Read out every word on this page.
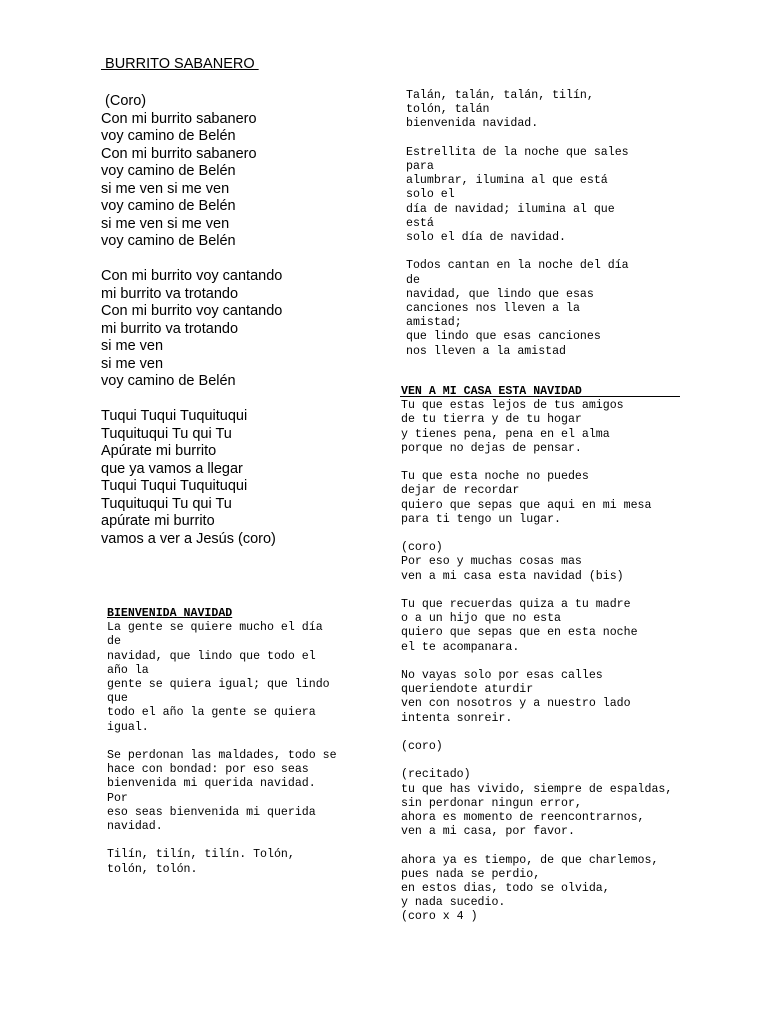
BURRITO SABANERO
(Coro)
Con mi burrito sabanero
voy camino de Belén
Con mi burrito sabanero
voy camino de Belén
si me ven si me ven
voy camino de Belén
si me ven si me ven
voy camino de Belén
Con mi burrito voy cantando
mi burrito va trotando
Con mi burrito voy cantando
mi burrito va trotando
si me ven
si me ven
voy camino de Belén
Tuqui Tuqui Tuquituqui
Tuquituqui Tu qui Tu
Apúrate mi burrito
que ya vamos a llegar
Tuqui Tuqui Tuquituqui
Tuquituqui Tu qui Tu
apúrate mi burrito
vamos a ver a Jesús (coro)
BIENVENIDA NAVIDAD
La gente se quiere mucho el día
de
navidad, que lindo que todo el
año la
gente se quiera igual; que lindo
que
todo el año la gente se quiera
igual.
Se perdonan las maldades, todo se
hace con bondad: por eso seas
bienvenida mi querida navidad.
Por
eso seas bienvenida mi querida
navidad.
Tilín, tilín, tilín. Tolón,
tolón, tolón.
Talán, talán, talán, tilín,
tolón, talán
bienvenida navidad.
Estrellita de la noche que sales
para
alumbrar, ilumina al que está
solo el
día de navidad; ilumina al que
está
solo el día de navidad.
Todos cantan en la noche del día
de
navidad, que lindo que esas
canciones nos lleven a la
amistad;
que lindo que esas canciones
nos lleven a la amistad
VEN A MI CASA ESTA NAVIDAD
Tu que estas lejos de tus amigos
de tu tierra y de tu hogar
y tienes pena, pena en el alma
porque no dejas de pensar.
Tu que esta noche no puedes
dejar de recordar
quiero que sepas que aqui en mi mesa
para ti tengo un lugar.
(coro)
Por eso y muchas cosas mas
ven a mi casa esta navidad (bis)
Tu que recuerdas quiza a tu madre
o a un hijo que no esta
quiero que sepas que en esta noche
el te acompanara.
No vayas solo por esas calles
queriendote aturdir
ven con nosotros y a nuestro lado
intenta sonreir.
(coro)
(recitado)
tu que has vivido, siempre de espaldas,
sin perdonar ningun error,
ahora es momento de reencontrarnos,
ven a mi casa, por favor.
ahora ya es tiempo, de que charlemos,
pues nada se perdio,
en estos dias, todo se olvida,
y nada sucedio.
(coro x 4 )
